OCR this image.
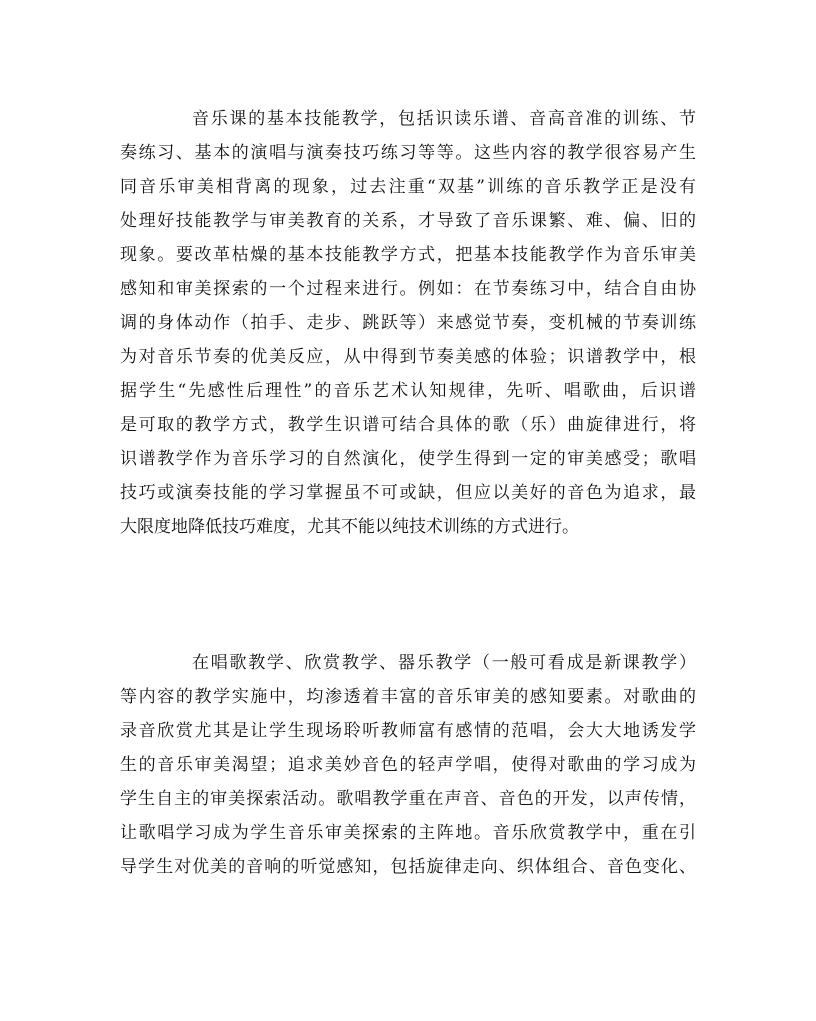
音乐课的基本技能教学，包括识读乐谱、音高音准的训练、节
奏练习、基本的演唱与演奏技巧练习等等。这些内容的教学很容易产生
同音乐审美相背离的现象，过去注重“双基”训练的音乐教学正是没有
处理好技能教学与审美教育的关系，才导致了音乐课繁、难、偏、旧的
现象。要改革枯燥的基本技能教学方式，把基本技能教学作为音乐审美
感知和审美探索的一个过程来进行。例如：在节奏练习中，结合自由协
调的身体动作（拍手、走步、跳跃等）来感觉节奏，变机械的节奏训练
为对音乐节奏的优美反应，从中得到节奏美感的体验；识谱教学中，根
据学生“先感性后理性”的音乐艺术认知规律，先听、唱歌曲，后识谱
是可取的教学方式，教学生识谱可结合具体的歌（乐）曲旋律进行，将
识谱教学作为音乐学习的自然演化，使学生得到一定的审美感受；歌唱
技巧或演奏技能的学习掌握虽不可或缺，但应以美好的音色为追求，最
大限度地降低技巧难度，尤其不能以纯技术训练的方式进行。
在唱歌教学、欣赏教学、器乐教学（一般可看成是新课教学）
等内容的教学实施中，均渗透着丰富的音乐审美的感知要素。对歌曲的
录音欣赏尤其是让学生现场聆听教师富有感情的范唱，会大大地诱发学
生的音乐审美渴望；追求美妙音色的轻声学唱，使得对歌曲的学习成为
学生自主的审美探索活动。歌唱教学重在声音、音色的开发，以声传情，
让歌唱学习成为学生音乐审美探索的主阵地。音乐欣赏教学中，重在引
导学生对优美的音响的听觉感知，包括旋律走向、织体组合、音色变化、
